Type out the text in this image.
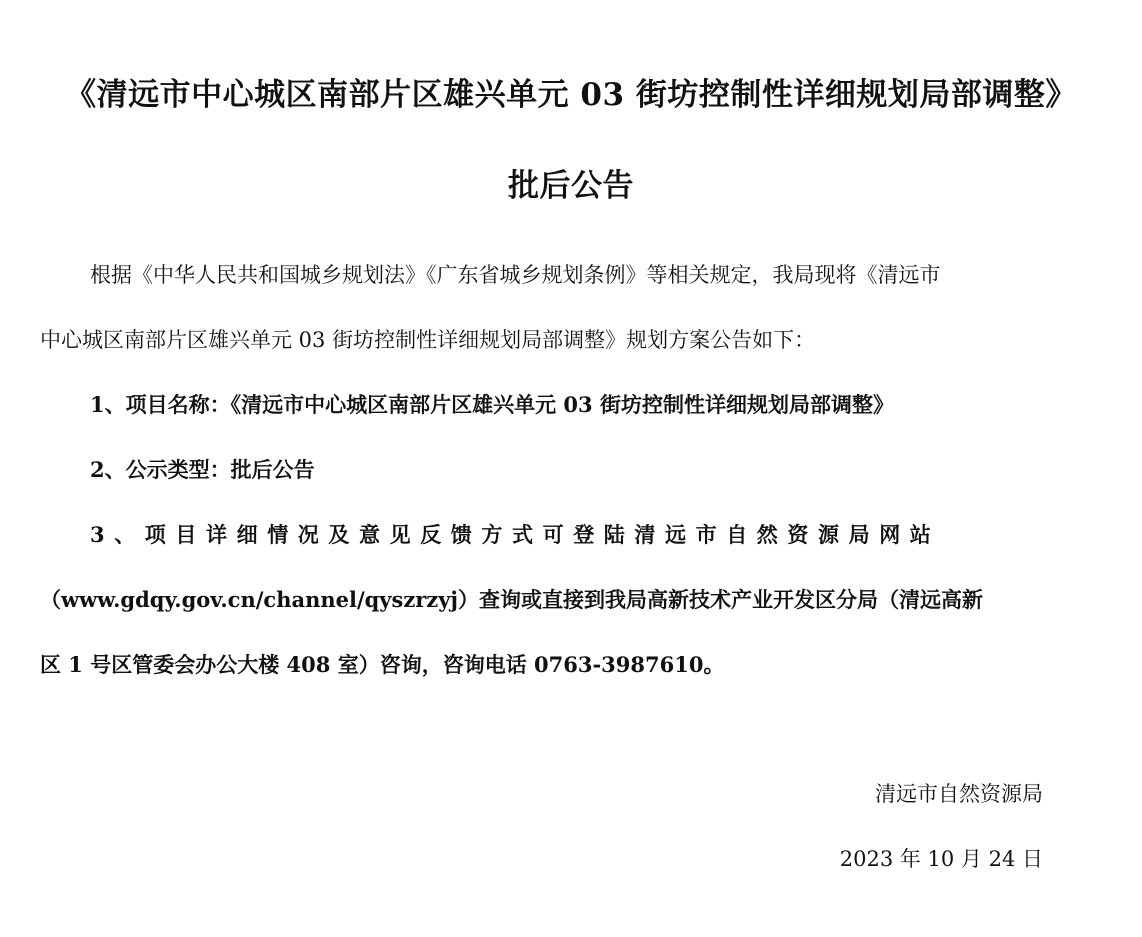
《清远市中心城区南部片区雄兴单元 03 街坊控制性详细规划局部调整》
批后公告
根据《中华人民共和国城乡规划法》《广东省城乡规划条例》等相关规定，我局现将《清远市
中心城区南部片区雄兴单元 03 街坊控制性详细规划局部调整》规划方案公告如下：
1、项目名称：《清远市中心城区南部片区雄兴单元 03 街坊控制性详细规划局部调整》
2、公示类型：批后公告
3、项目详细情况及意见反馈方式可登陆清远市自然资源局网站
（www.gdqy.gov.cn/channel/qyszrzyj）查询或直接到我局高新技术产业开发区分局（清远高新
区 1 号区管委会办公大楼 408 室）咨询，咨询电话 0763-3987610。
清远市自然资源局
2023 年 10 月 24 日
